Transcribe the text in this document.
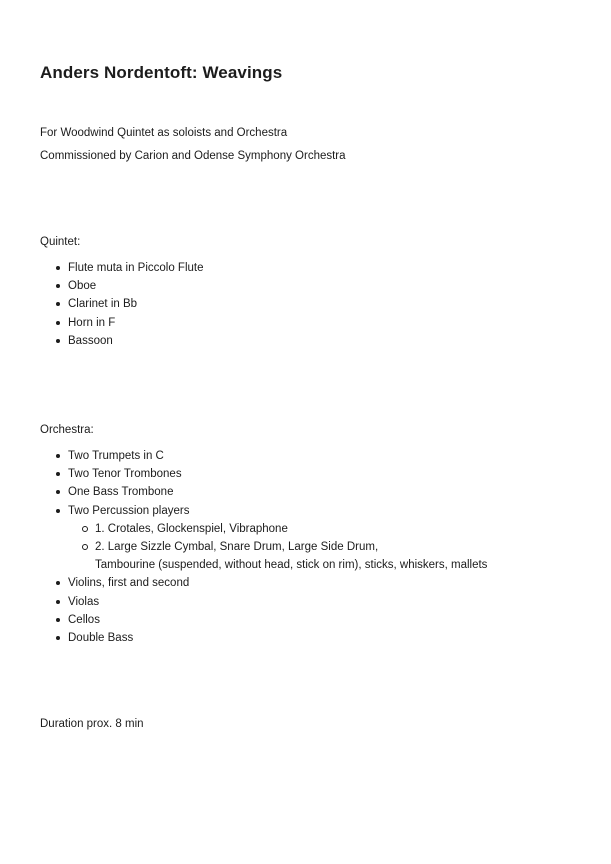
Anders Nordentoft: Weavings

For Woodwind Quintet as soloists and Orchestra

Commissioned by Carion and Odense Symphony Orchestra

Quintet:

Flute muta in Piccolo Flute
Oboe
Clarinet in Bb
Horn in F
Bassoon

Orchestra:

Two Trumpets in C
Two Tenor Trombones
One Bass Trombone
Two Percussion players
1. Crotales, Glockenspiel, Vibraphone
2. Large Sizzle Cymbal, Snare Drum, Large Side Drum,
Tambourine (suspended, without head, stick on rim), sticks, whiskers, mallets
Violins, first and second
Violas
Cellos
Double Bass

Duration prox. 8 min
